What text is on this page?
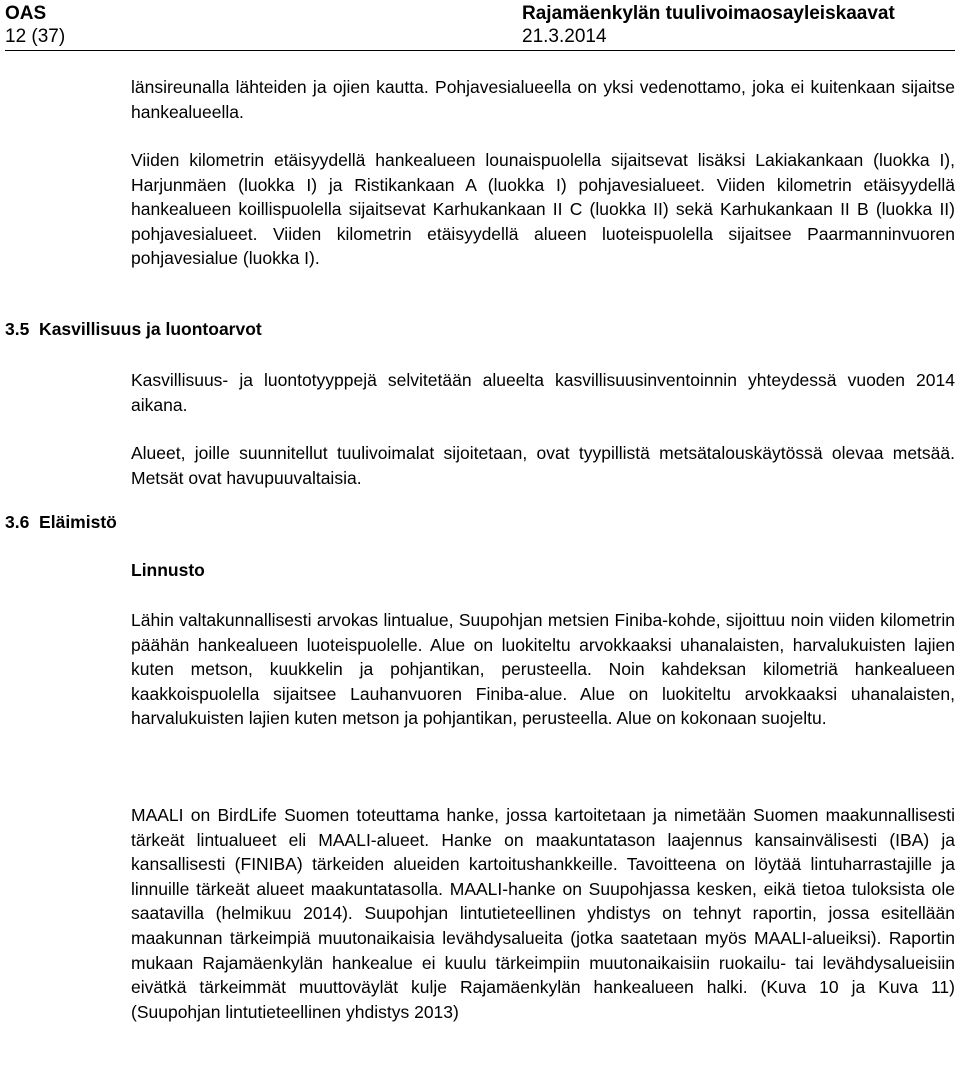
OAS
12 (37)
Rajamäenkylän tuulivoimaosayleiskaavat
21.3.2014

länsireunalla lähteiden ja ojien kautta. Pohjavesialueella on yksi vedenottamo, joka ei kuitenkaan sijaitse hankealueella.

Viiden kilometrin etäisyydellä hankealueen lounaispuolella sijaitsevat lisäksi Lakiakankaan (luokka I), Harjunmäen (luokka I) ja Ristikankaan A (luokka I) pohjavesialueet. Viiden kilometrin etäisyydellä hankealueen koillispuolella sijaitsevat Karhukankaan II C (luokka II) sekä Karhukankaan II B (luokka II) pohjavesialueet. Viiden kilometrin etäisyydellä alueen luoteispuolella sijaitsee Paarmanninvuoren pohjavesialue (luokka I).

3.5  Kasvillisuus ja luontoarvot

Kasvillisuus- ja luontotyyppejä selvitetään alueelta kasvillisuusinventoinnin yhteydessä vuoden 2014 aikana.

Alueet, joille suunnitellut tuulivoimalat sijoitetaan, ovat tyypillistä metsätalouskäytössä olevaa metsää. Metsät ovat havupuuvaltaisia.

3.6  Eläimistö
Linnusto

Lähin valtakunnallisesti arvokas lintualue, Suupohjan metsien Finiba-kohde, sijoittuu noin viiden kilometrin päähän hankealueen luoteispuolelle. Alue on luokiteltu arvokkaaksi uhanalaisten, harvalukuisten lajien kuten metson, kuukkelin ja pohjantikan, perusteella. Noin kahdeksan kilometriä hankealueen kaakkoispuolella sijaitsee Lauhanvuoren Finiba-alue. Alue on luokiteltu arvokkaaksi uhanalaisten, harvalukuisten lajien kuten metson ja pohjantikan, perusteella. Alue on kokonaan suojeltu.

MAALI on BirdLife Suomen toteuttama hanke, jossa kartoitetaan ja nimetään Suomen maakunnallisesti tärkeät lintualueet eli MAALI-alueet. Hanke on maakuntatason laajennus kansainvälisesti (IBA) ja kansallisesti (FINIBA) tärkeiden alueiden kartoitushankkeille. Tavoitteena on löytää lintuharrastajille ja linnuille tärkeät alueet maakuntatasolla. MAALI-hanke on Suupohjassa kesken, eikä tietoa tuloksista ole saatavilla (helmikuu 2014). Suupohjan lintutieteellinen yhdistys on tehnyt raportin, jossa esitellään maakunnan tärkeimpiä muutonaikaisia levähdysalueita (jotka saatetaan myös MAALI-alueiksi). Raportin mukaan Rajamäenkylän hankealue ei kuulu tärkeimpiin muutonaikaisiin ruokailu- tai levähdysalueisiin eivätkä tärkeimmät muuttoväylät kulje Rajamäenkylän hankealueen halki. (Kuva 10 ja Kuva 11) (Suupohjan lintutieteellinen yhdistys 2013)
